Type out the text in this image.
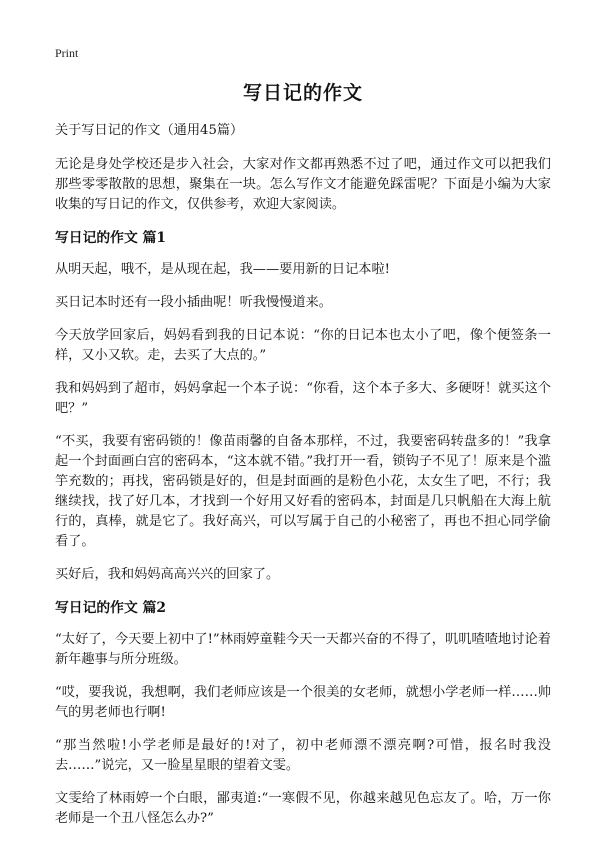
Print
写日记的作文
关于写日记的作文（通用45篇）

无论是身处学校还是步入社会，大家对作文都再熟悉不过了吧，通过作文可以把我们那些零零散散的思想，聚集在一块。怎么写作文才能避免踩雷呢？下面是小编为大家收集的写日记的作文，仅供参考，欢迎大家阅读。

写日记的作文 篇1

从明天起，哦不，是从现在起，我——要用新的日记本啦!

买日记本时还有一段小插曲呢！听我慢慢道来。

今天放学回家后，妈妈看到我的日记本说：“你的日记本也太小了吧，像个便签条一样，又小又软。走，去买了大点的。”

我和妈妈到了超市，妈妈拿起一个本子说：“你看，这个本子多大、多硬呀！就买这个吧？”

“不买，我要有密码锁的！像苗雨馨的自备本那样，不过，我要密码转盘多的！”我拿起一个封面画白宫的密码本，“这本就不错。”我打开一看，锁钩子不见了！原来是个滥竽充数的；再找，密码锁是好的，但是封面画的是粉色小花，太女生了吧，不行；我继续找，找了好几本，才找到一个好用又好看的密码本，封面是几只帆船在大海上航行的，真棒，就是它了。我好高兴，可以写属于自己的小秘密了，再也不担心同学偷看了。

买好后，我和妈妈高高兴兴的回家了。

写日记的作文 篇2

“太好了，今天要上初中了!”林雨婷童鞋今天一天都兴奋的不得了，叽叽喳喳地讨论着新年趣事与所分班级。

“哎，要我说，我想啊，我们老师应该是一个很美的女老师，就想小学老师一样……帅气的男老师也行啊!

“那当然啦!小学老师是最好的!对了，初中老师漂不漂亮啊?可惜，报名时我没去……”说完，又一脸星星眼的望着文雯。

文雯给了林雨婷一个白眼，鄙夷道:“一寒假不见，你越来越见色忘友了。哈，万一你老师是一个丑八怪怎么办?”
